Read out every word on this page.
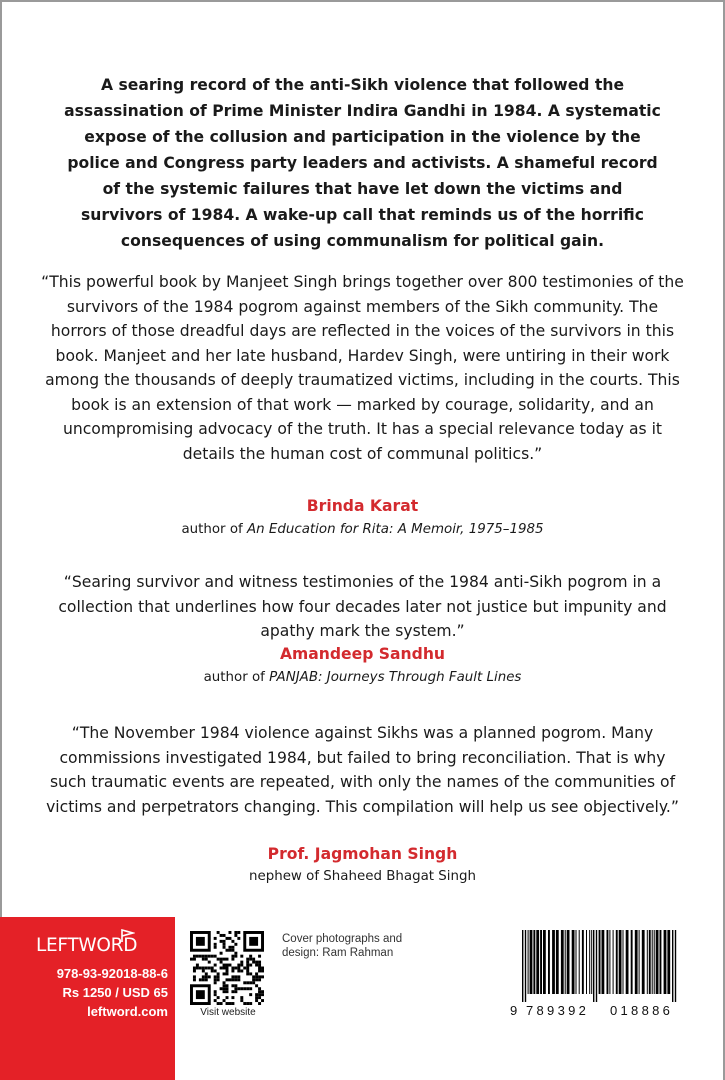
A searing record of the anti-Sikh violence that followed the assassination of Prime Minister Indira Gandhi in 1984. A systematic expose of the collusion and participation in the violence by the police and Congress party leaders and activists. A shameful record of the systemic failures that have let down the victims and survivors of 1984. A wake-up call that reminds us of the horrific consequences of using communalism for political gain.
“This powerful book by Manjeet Singh brings together over 800 testimonies of the survivors of the 1984 pogrom against members of the Sikh community. The horrors of those dreadful days are reflected in the voices of the survivors in this book. Manjeet and her late husband, Hardev Singh, were untiring in their work among the thousands of deeply traumatized victims, including in the courts. This book is an extension of that work — marked by courage, solidarity, and an uncompromising advocacy of the truth. It has a special relevance today as it details the human cost of communal politics.”
Brinda Karat
author of An Education for Rita: A Memoir, 1975–1985
“Searing survivor and witness testimonies of the 1984 anti-Sikh pogrom in a collection that underlines how four decades later not justice but impunity and apathy mark the system.”
Amandeep Sandhu
author of PANJAB: Journeys Through Fault Lines
“The November 1984 violence against Sikhs was a planned pogrom. Many commissions investigated 1984, but failed to bring reconciliation. That is why such traumatic events are repeated, with only the names of the communities of victims and perpetrators changing. This compilation will help us see objectively.”
Prof. Jagmohan Singh
nephew of Shaheed Bhagat Singh
LEFTWORD
978-93-92018-88-6
Rs 1250 / USD 65
leftword.com	Visit website
Cover photographs and design: Ram Rahman
9 789392 018886
